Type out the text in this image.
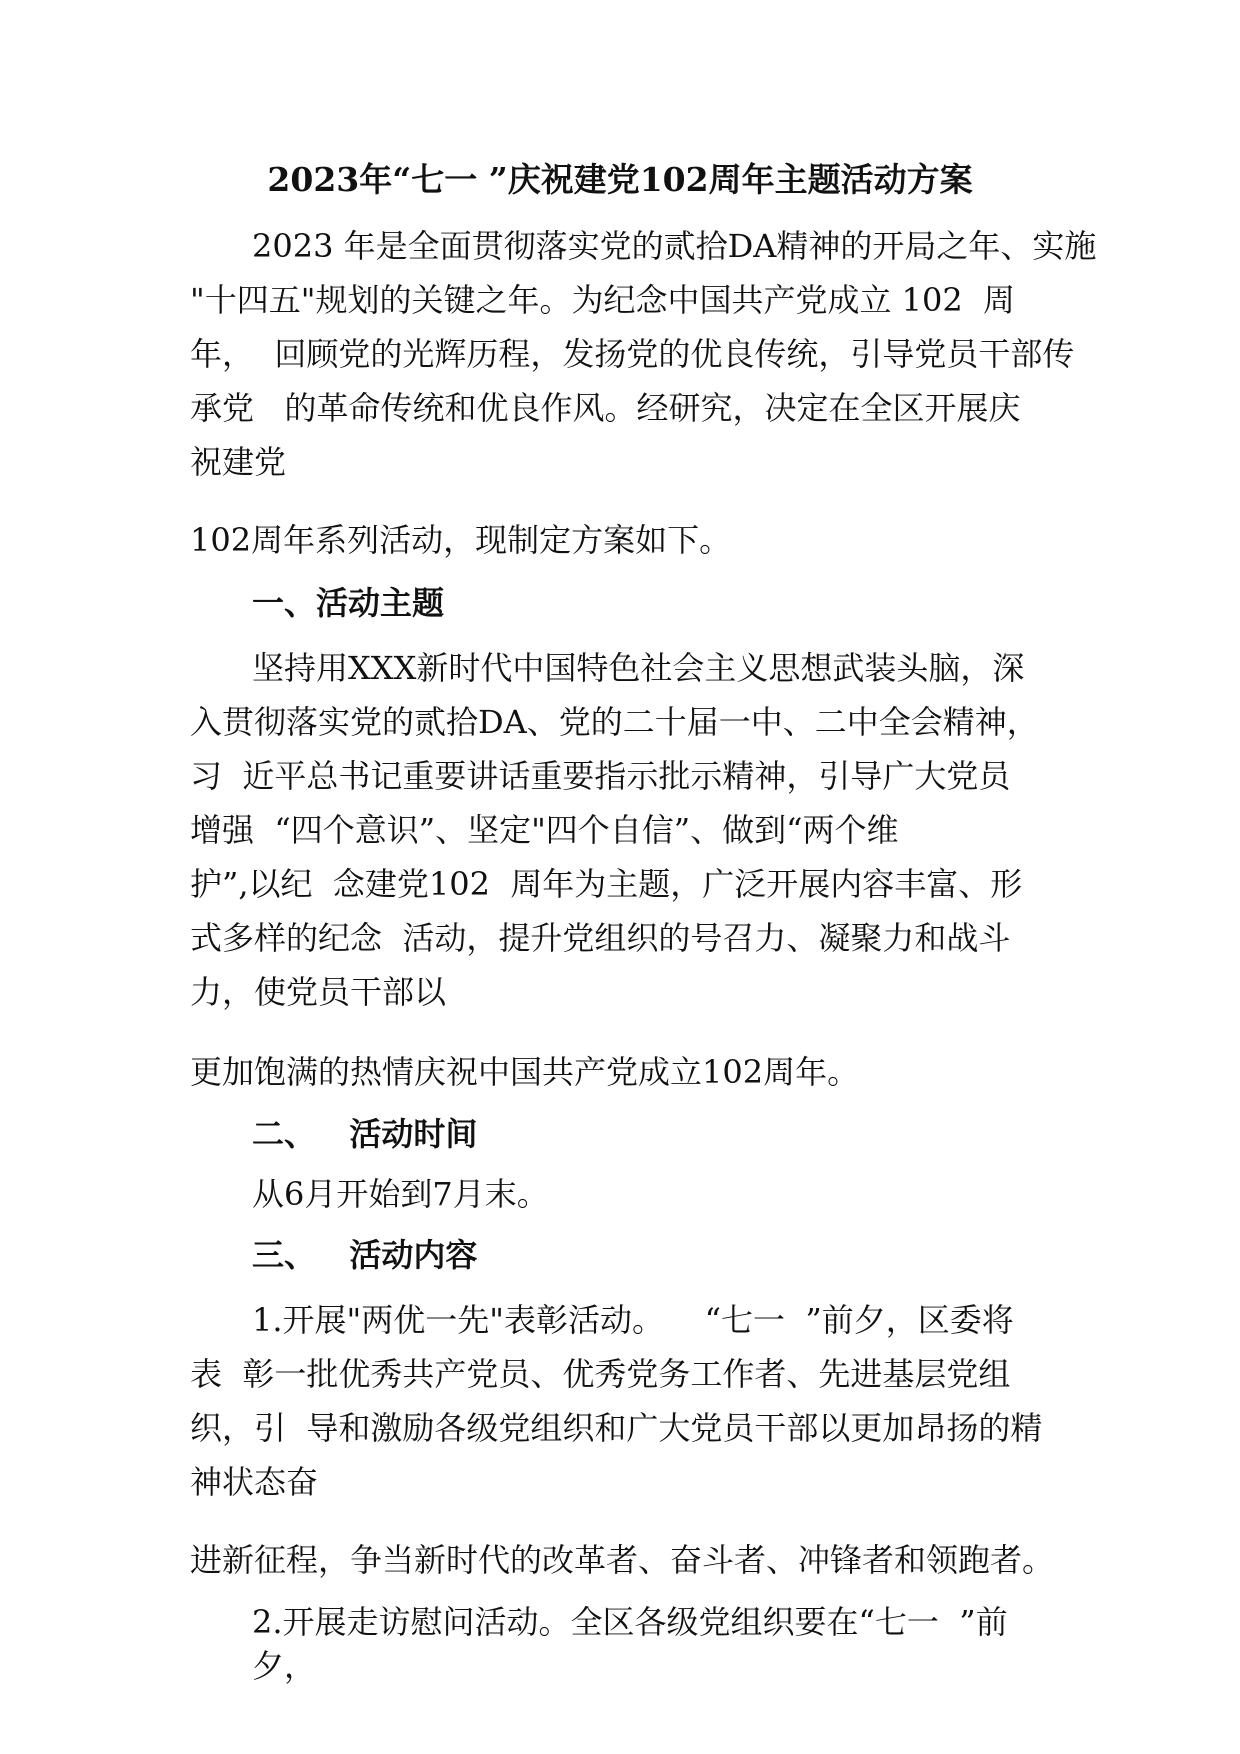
2023年“七一 ”庆祝建党102周年主题活动方案
2023 年是全面贯彻落实党的贰拾DA精神的开局之年、实施
"十四五"规划的关键之年。为纪念中国共产党成立 102  周
年，  回顾党的光辉历程，发扬党的优良传统，引导党员干部传
承党   的革命传统和优良作风。经研究，决定在全区开展庆
祝建党
102周年系列活动，现制定方案如下。
一、活动主题
坚持用XXX新时代中国特色社会主义思想武装头脑，深
入贯彻落实党的贰拾DA、党的二十届一中、二中全会精神，
习  近平总书记重要讲话重要指示批示精神，引导广大党员
增强  “四个意识”、坚定"四个自信”、做到“两个维
护”,以纪  念建党102  周年为主题，广泛开展内容丰富、形
式多样的纪念  活动，提升党组织的号召力、凝聚力和战斗
力，使党员干部以
更加饱满的热情庆祝中国共产党成立102周年。
二、   活动时间
从6月开始到7月末。
三、   活动内容
1.开展"两优一先"表彰活动。    “七一  ”前夕，区委将
表  彰一批优秀共产党员、优秀党务工作者、先进基层党组
织，引  导和激励各级党组织和广大党员干部以更加昂扬的精
神状态奋
进新征程，争当新时代的改革者、奋斗者、冲锋者和领跑者。
2.开展走访慰问活动。全区各级党组织要在“七一  ”前
夕，
